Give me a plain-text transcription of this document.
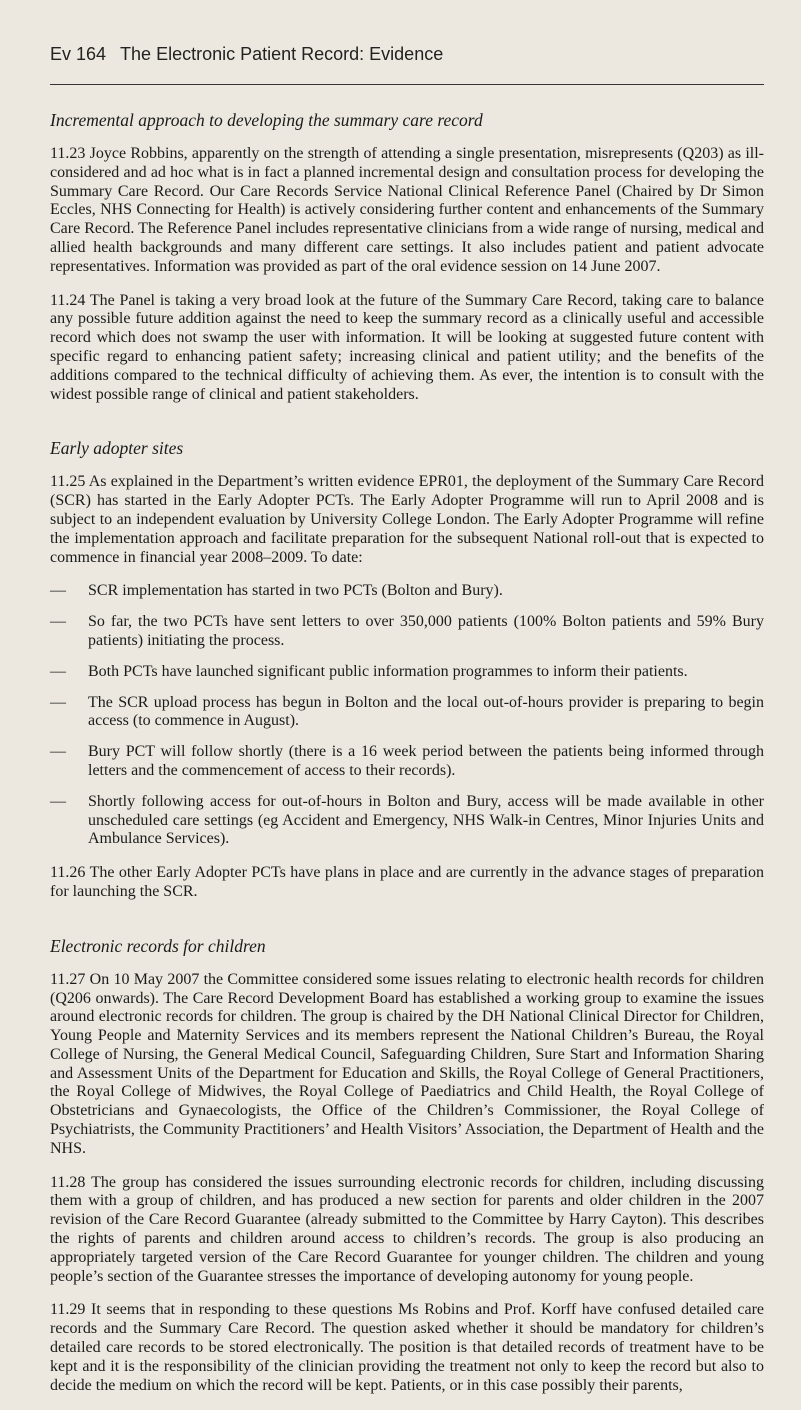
Ev 164 The Electronic Patient Record: Evidence
Incremental approach to developing the summary care record

11.23 Joyce Robbins, apparently on the strength of attending a single presentation, misrepresents (Q203) as ill-considered and ad hoc what is in fact a planned incremental design and consultation process for developing the Summary Care Record. Our Care Records Service National Clinical Reference Panel (Chaired by Dr Simon Eccles, NHS Connecting for Health) is actively considering further content and enhancements of the Summary Care Record. The Reference Panel includes representative clinicians from a wide range of nursing, medical and allied health backgrounds and many different care settings. It also includes patient and patient advocate representatives. Information was provided as part of the oral evidence session on 14 June 2007.

11.24 The Panel is taking a very broad look at the future of the Summary Care Record, taking care to balance any possible future addition against the need to keep the summary record as a clinically useful and accessible record which does not swamp the user with information. It will be looking at suggested future content with specific regard to enhancing patient safety; increasing clinical and patient utility; and the benefits of the additions compared to the technical difficulty of achieving them. As ever, the intention is to consult with the widest possible range of clinical and patient stakeholders.

Early adopter sites

11.25 As explained in the Department’s written evidence EPR01, the deployment of the Summary Care Record (SCR) has started in the Early Adopter PCTs. The Early Adopter Programme will run to April 2008 and is subject to an independent evaluation by University College London. The Early Adopter Programme will refine the implementation approach and facilitate preparation for the subsequent National roll-out that is expected to commence in financial year 2008–2009. To date:

— SCR implementation has started in two PCTs (Bolton and Bury).
— So far, the two PCTs have sent letters to over 350,000 patients (100% Bolton patients and 59% Bury patients) initiating the process.
— Both PCTs have launched significant public information programmes to inform their patients.
— The SCR upload process has begun in Bolton and the local out-of-hours provider is preparing to begin access (to commence in August).
— Bury PCT will follow shortly (there is a 16 week period between the patients being informed through letters and the commencement of access to their records).
— Shortly following access for out-of-hours in Bolton and Bury, access will be made available in other unscheduled care settings (eg Accident and Emergency, NHS Walk-in Centres, Minor Injuries Units and Ambulance Services).

11.26 The other Early Adopter PCTs have plans in place and are currently in the advance stages of preparation for launching the SCR.

Electronic records for children

11.27 On 10 May 2007 the Committee considered some issues relating to electronic health records for children (Q206 onwards). The Care Record Development Board has established a working group to examine the issues around electronic records for children. The group is chaired by the DH National Clinical Director for Children, Young People and Maternity Services and its members represent the National Children’s Bureau, the Royal College of Nursing, the General Medical Council, Safeguarding Children, Sure Start and Information Sharing and Assessment Units of the Department for Education and Skills, the Royal College of General Practitioners, the Royal College of Midwives, the Royal College of Paediatrics and Child Health, the Royal College of Obstetricians and Gynaecologists, the Office of the Children’s Commissioner, the Royal College of Psychiatrists, the Community Practitioners’ and Health Visitors’ Association, the Department of Health and the NHS.

11.28 The group has considered the issues surrounding electronic records for children, including discussing them with a group of children, and has produced a new section for parents and older children in the 2007 revision of the Care Record Guarantee (already submitted to the Committee by Harry Cayton). This describes the rights of parents and children around access to children’s records. The group is also producing an appropriately targeted version of the Care Record Guarantee for younger children. The children and young people’s section of the Guarantee stresses the importance of developing autonomy for young people.

11.29 It seems that in responding to these questions Ms Robins and Prof. Korff have confused detailed care records and the Summary Care Record. The question asked whether it should be mandatory for children’s detailed care records to be stored electronically. The position is that detailed records of treatment have to be kept and it is the responsibility of the clinician providing the treatment not only to keep the record but also to decide the medium on which the record will be kept. Patients, or in this case possibly their parents,
